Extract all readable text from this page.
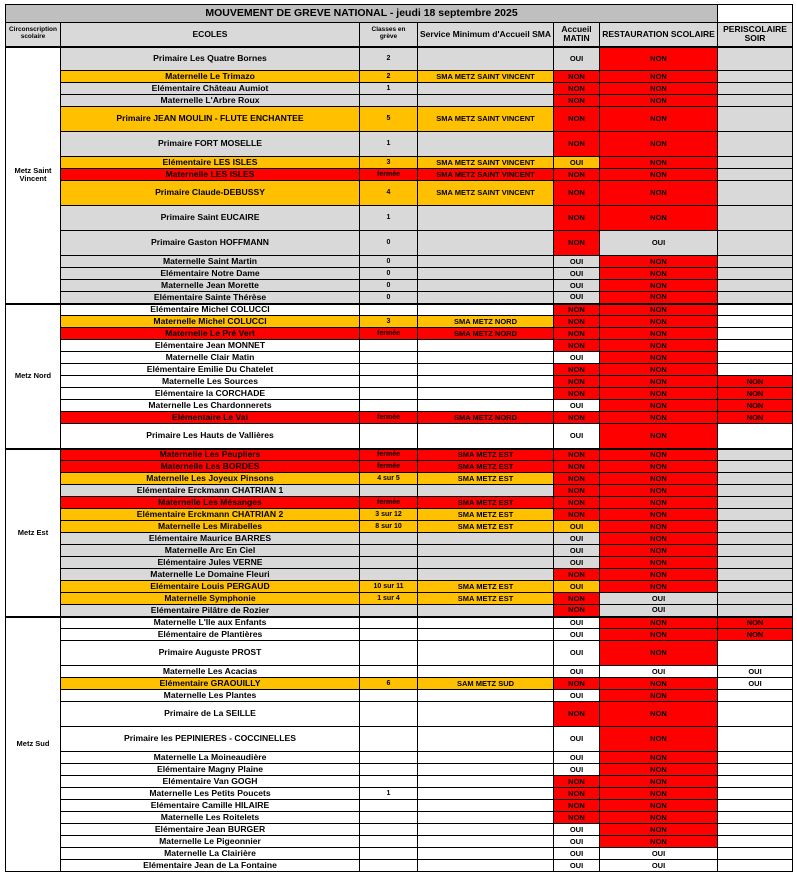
MOUVEMENT DE GREVE NATIONAL - jeudi 18 septembre 2025						
Circonscription scolaire	ECOLES	Classes en grève	Service Minimum d'Accueil SMA	Accueil MATIN	RESTAURATION SCOLAIRE	PERISCOLAIRE SOIR
Metz Saint Vincent	Primaire Les Quatre Bornes	2		OUI	NON	
	Maternelle Le Trimazo	2	SMA METZ SAINT VINCENT	NON	NON	
	Elémentaire Château Aumiot	1		NON	NON	
	Maternelle L'Arbre Roux			NON	NON	
	Primaire JEAN MOULIN - FLUTE ENCHANTEE	5	SMA METZ SAINT VINCENT	NON	NON	
	Primaire FORT MOSELLE	1		NON	NON	
	Elémentaire LES ISLES	3	SMA METZ SAINT VINCENT	OUI	NON	
	Maternelle LES ISLES	fermée	SMA METZ SAINT VINCENT	NON	NON	
	Primaire Claude-DEBUSSY	4	SMA METZ SAINT VINCENT	NON	NON	
	Primaire Saint EUCAIRE	1		NON	NON	
	Primaire Gaston HOFFMANN	0		NON	OUI	
	Maternelle Saint Martin	0		OUI	NON	
	Elémentaire Notre Dame	0		OUI	NON	
	Maternelle Jean Morette	0		OUI	NON	
	Elémentaire Sainte Thérèse	0		OUI	NON	
Metz Nord	Elémentaire Michel COLUCCI			NON	NON	
	Maternelle Michel COLUCCI	3	SMA METZ NORD	NON	NON	
	Maternelle Le Pré Vert	fermée	SMA METZ NORD	NON	NON	
	Elémentaire Jean MONNET			NON	NON	
	Maternelle Clair Matin			OUI	NON	
	Elémentaire Emilie Du Chatelet			NON	NON	
	Maternelle Les Sources			NON	NON	NON
	Elémentaire la CORCHADE			NON	NON	NON
	Maternelle Les Chardonnerets			OUI	NON	NON
	Elémentaire Le Val	fermée	SMA METZ NORD	NON	NON	NON
	Primaire Les Hauts de Vallières			OUI	NON	
Metz Est	Maternelle Les Peupliers	fermée	SMA METZ EST	NON	NON	
	Maternelle Les BORDES	fermée	SMA METZ EST	NON	NON	
	Maternelle Les Joyeux Pinsons	4 sur 5	SMA METZ EST	NON	NON	
	Elémentaire Erckmann CHATRIAN 1			NON	NON	
	Maternelle Les Mésanges	fermée	SMA METZ EST	NON	NON	
	Elémentaire Erckmann CHATRIAN 2	3 sur 12	SMA METZ EST	NON	NON	
	Maternelle Les Mirabelles	8 sur 10	SMA METZ EST	OUI	NON	
	Elémentaire Maurice BARRES			OUI	NON	
	Maternelle Arc En Ciel			OUI	NON	
	Elémentaire Jules VERNE			OUI	NON	
	Maternelle Le Domaine Fleuri			NON	NON	
	Elémentaire Louis PERGAUD	10 sur 11	SMA METZ EST	OUI	NON	
	Maternelle Symphonie	1 sur 4	SMA METZ EST	NON	OUI	
	Elémentaire Pilâtre de Rozier			NON	OUI	
Metz Sud	Maternelle L'Ile aux Enfants			OUI	NON	NON
	Elémentaire de Plantières			OUI	NON	NON
	Primaire Auguste PROST			OUI	NON	
	Maternelle Les Acacias			OUI	OUI	OUI
	Elémentaire GRAOUILLY	6	SAM METZ SUD	NON	NON	OUI
	Maternelle Les Plantes			OUI	NON	
	Primaire de La SEILLE			NON	NON	
	Primaire les PEPINIERES - COCCINELLES			OUI	NON	
	Maternelle La Moineaudière			OUI	NON	
	Elémentaire Magny Plaine			OUI	NON	
	Elémentaire Van GOGH			NON	NON	
	Maternelle Les Petits Poucets	1		NON	NON	
	Elémentaire Camille HILAIRE			NON	NON	
	Maternelle Les Roitelets			NON	NON	
	Elémentaire Jean BURGER			OUI	NON	
	Maternelle Le Pigeonnier			OUI	NON	
	Maternelle La Clairière			OUI	OUI	
	Elémentaire Jean de La Fontaine			OUI	OUI	
